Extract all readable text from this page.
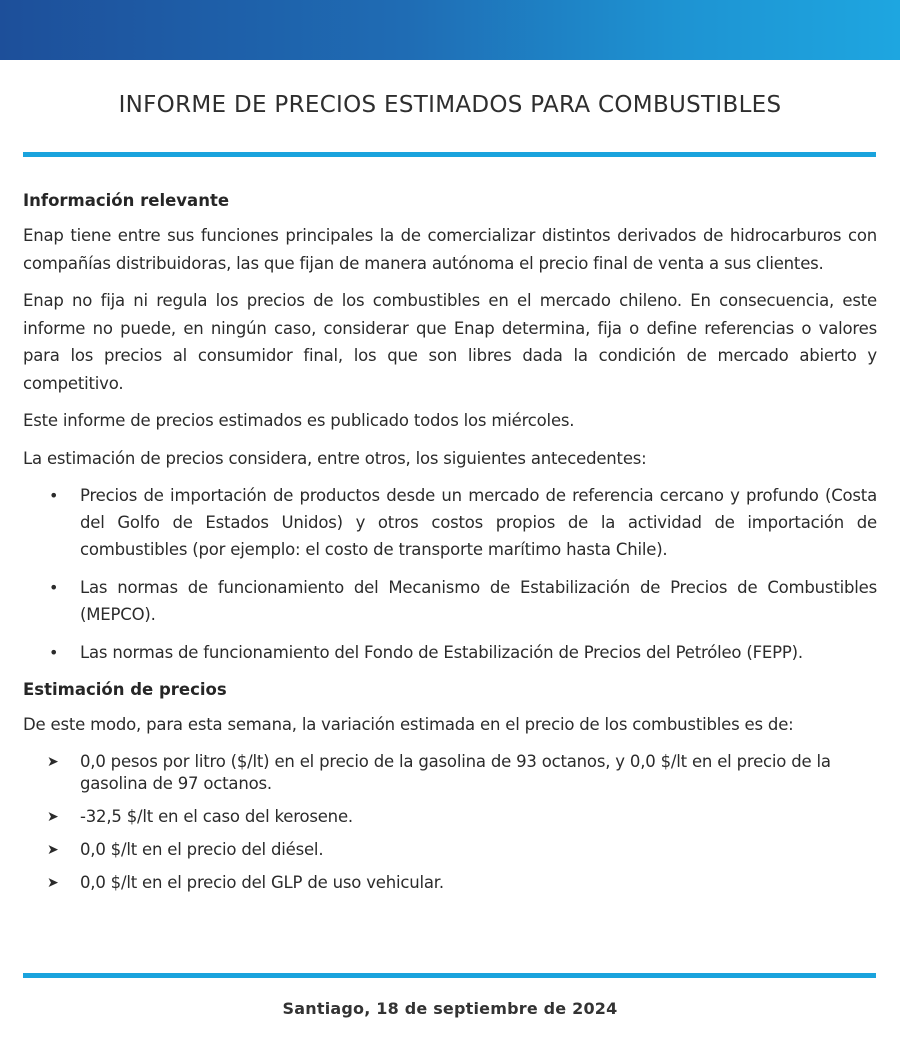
INFORME DE PRECIOS ESTIMADOS PARA COMBUSTIBLES
Información relevante

Enap tiene entre sus funciones principales la de comercializar distintos derivados de hidrocarburos con compañías distribuidoras, las que fijan de manera autónoma el precio final de venta a sus clientes.

Enap no fija ni regula los precios de los combustibles en el mercado chileno. En consecuencia, este informe no puede, en ningún caso, considerar que Enap determina, fija o define referencias o valores para los precios al consumidor final, los que son libres dada la condición de mercado abierto y competitivo.

Este informe de precios estimados es publicado todos los miércoles.

La estimación de precios considera, entre otros, los siguientes antecedentes:

• Precios de importación de productos desde un mercado de referencia cercano y profundo (Costa del Golfo de Estados Unidos) y otros costos propios de la actividad de importación de combustibles (por ejemplo: el costo de transporte marítimo hasta Chile).
• Las normas de funcionamiento del Mecanismo de Estabilización de Precios de Combustibles (MEPCO).
• Las normas de funcionamiento del Fondo de Estabilización de Precios del Petróleo (FEPP).
Estimación de precios

De este modo, para esta semana, la variación estimada en el precio de los combustibles es de:

➤ 0,0 pesos por litro ($/lt) en el precio de la gasolina de 93 octanos, y 0,0 $/lt en el precio de la gasolina de 97 octanos.
➤ -32,5 $/lt en el caso del kerosene.
➤ 0,0 $/lt en el precio del diésel.
➤ 0,0 $/lt en el precio del GLP de uso vehicular.
Santiago, 18 de septiembre de 2024
